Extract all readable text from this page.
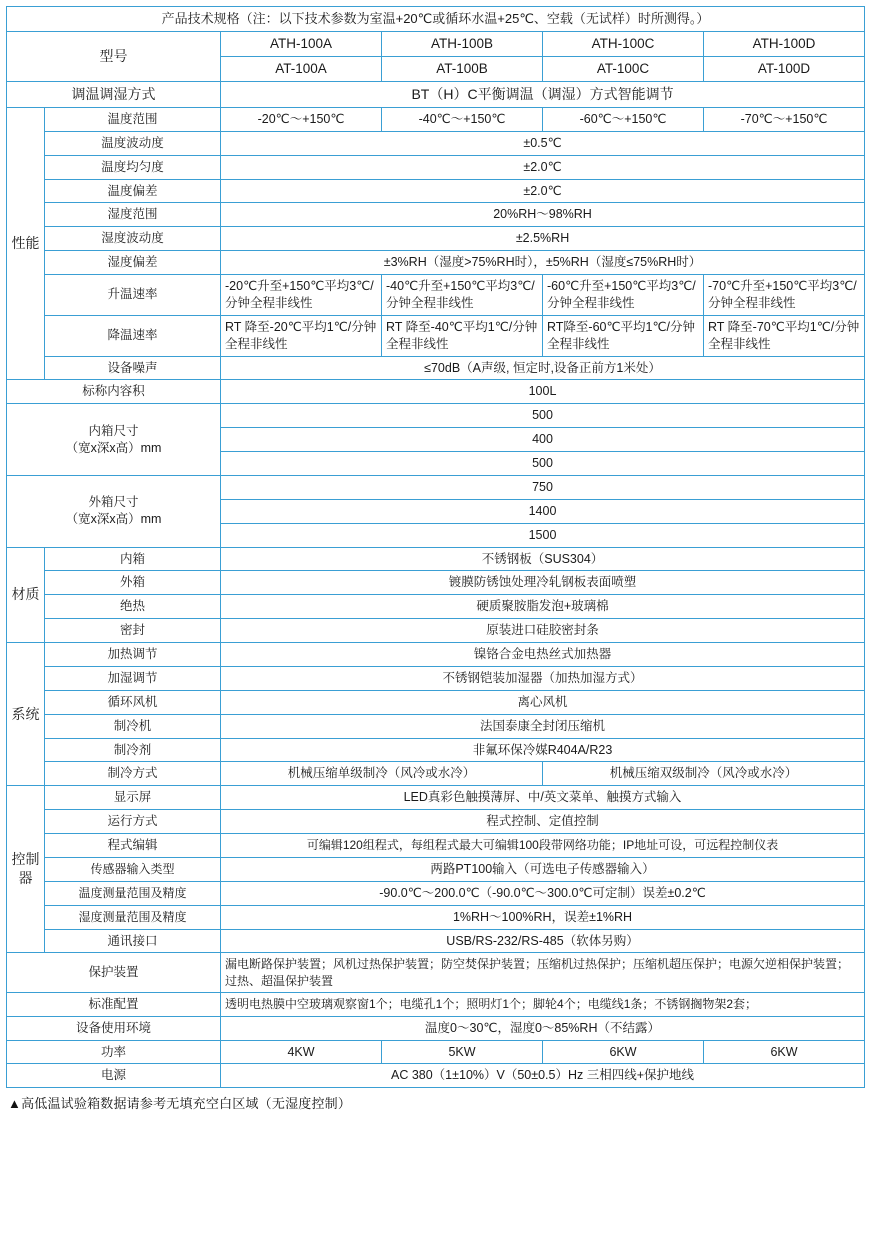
产品技术规格（注：以下技术参数为室温+20℃或循环水温+25℃、空载（无试样）时所测得。）					
型号		ATH-100A	ATH-100B	ATH-100C	ATH-100D
		AT-100A	AT-100B	AT-100C	AT-100D
调温调湿方式		BT（H）C平衡调温（调湿）方式智能调节			
性能	温度范围	-20℃～+150℃	-40℃～+150℃	-60℃～+150℃	-70℃～+150℃
	温度波动度	±0.5℃			
	温度均匀度	±2.0℃			
	温度偏差	±2.0℃			
	湿度范围	20%RH～98%RH			
	湿度波动度	±2.5%RH			
	湿度偏差	±3%RH（湿度>75%RH时），±5%RH（湿度≤75%RH时）			
	升温速率	-20℃升至+150℃平均3℃/分钟全程非线性	-40℃升至+150℃平均3℃/分钟全程非线性	-60℃升至+150℃平均3℃/分钟全程非线性	-70℃升至+150℃平均3℃/分钟全程非线性
	降温速率	RT 降至-20℃平均1℃/分钟全程非线性	RT 降至-40℃平均1℃/分钟全程非线性	RT降至-60℃平均1℃/分钟全程非线性	RT 降至-70℃平均1℃/分钟全程非线性
	设备噪声	≤70dB（A声级, 恒定时,设备正前方1米处）			
标称内容积		100L			

内箱尺寸
（宽x深x高）mm		500			
		400			
		500			

外箱尺寸
（宽x深x高）mm		750			
		1400			
		1500			
材质	内箱	不锈钢板（SUS304）			
	外箱	镀膜防锈蚀处理冷轧钢板表面喷塑			
	绝热	硬质聚胺脂发泡+玻璃棉			
	密封	原装进口硅胶密封条			
系统	加热调节	镍铬合金电热丝式加热器			
	加湿调节	不锈钢铠装加湿器（加热加湿方式）			
	循环风机	离心风机			
	制冷机	法国泰康全封闭压缩机			
	制冷剂	非氟环保冷媒R404A/R23			
	制冷方式	机械压缩单级制冷（风冷或水冷）		机械压缩双级制冷（风冷或水冷）	
控制器	显示屏	LED真彩色触摸薄屏、中/英文菜单、触摸方式输入			
	运行方式	程式控制、定值控制			
	程式编辑	可编辑120组程式，每组程式最大可编辑100段带网络功能；IP地址可设，可远程控制仪表			
	传感器输入类型	两路PT100输入（可选电子传感器输入）			
	温度测量范围及精度	-90.0℃～200.0℃（-90.0℃～300.0℃可定制）误差±0.2℃			
	湿度测量范围及精度	1%RH～100%RH，误差±1%RH			
	通讯接口	USB/RS-232/RS-485（软体另购）			
保护装置		漏电断路保护装置；风机过热保护装置；防空焚保护装置；压缩机过热保护；压缩机超压保护；电源欠逆相保护装置；过热、超温保护装置			
标准配置		透明电热膜中空玻璃观察窗1个；电缆孔1个；照明灯1个；脚轮4个；电缆线1条；不锈钢搁物架2套；			
设备使用环境		温度0～30℃，湿度0～85%RH（不结露）			
功率		4KW	5KW	6KW	6KW
电源		AC 380（1±10%）V（50±0.5）Hz 三相四线+保护地线			
▲高低温试验箱数据请参考无填充空白区域（无湿度控制）
